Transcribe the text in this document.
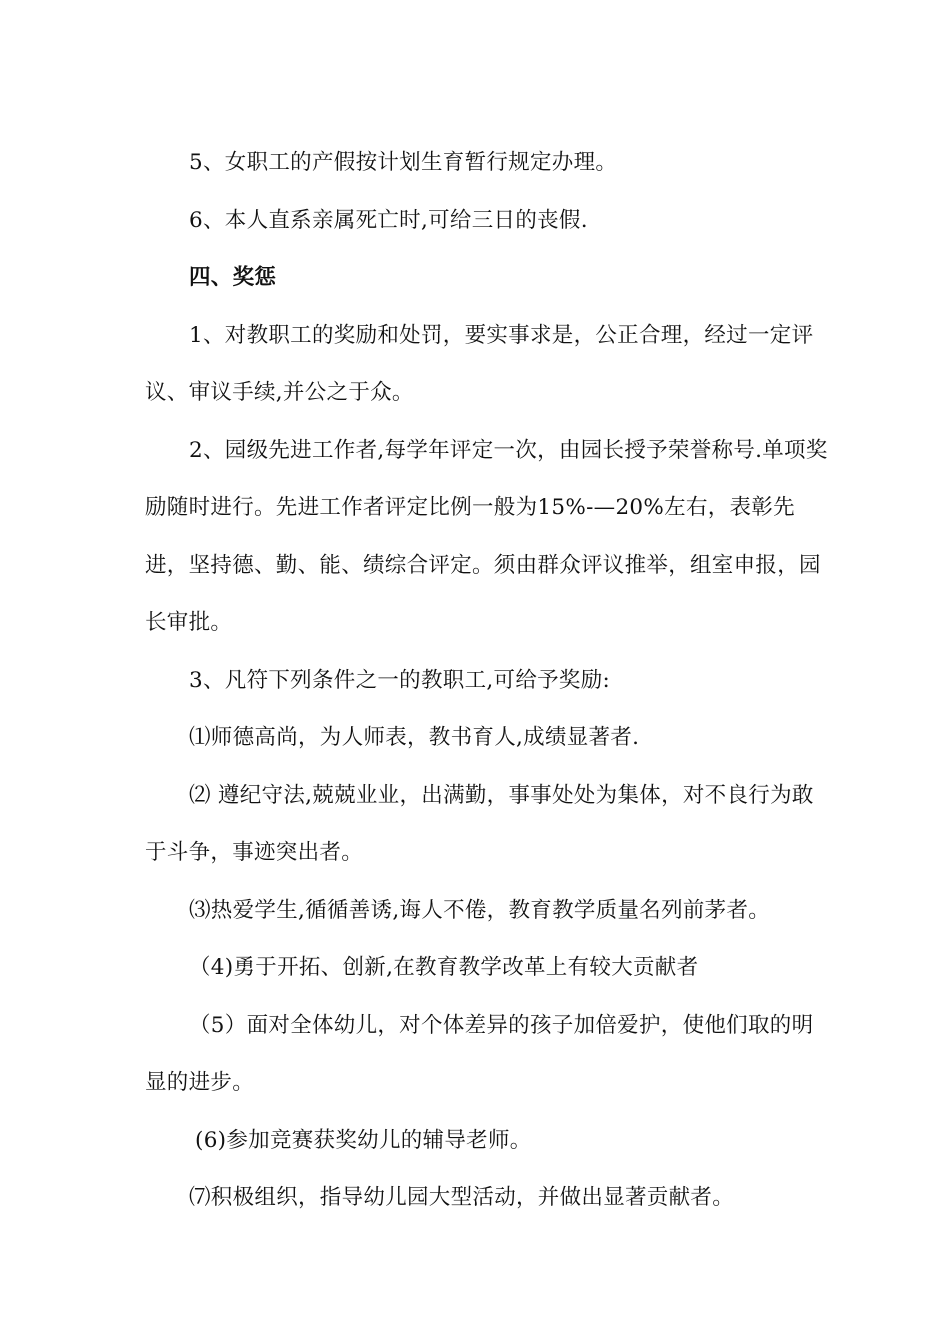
5、女职工的产假按计划生育暂行规定办理。

6、本人直系亲属死亡时,可给三日的丧假.

四、奖惩

1、对教职工的奖励和处罚，要实事求是，公正合理，经过一定评议、审议手续,并公之于众。

2、园级先进工作者,每学年评定一次，由园长授予荣誉称号.单项奖励随时进行。先进工作者评定比例一般为15%-—20%左右，表彰先进，坚持德、勤、能、绩综合评定。须由群众评议推举，组室申报，园长审批。

3、凡符下列条件之一的教职工,可给予奖励:

⑴师德高尚，为人师表，教书育人,成绩显著者.

⑵ 遵纪守法,兢兢业业，出满勤，事事处处为集体，对不良行为敢于斗争，事迹突出者。

⑶热爱学生,循循善诱,诲人不倦，教育教学质量名列前茅者。

（4)勇于开拓、创新,在教育教学改革上有较大贡献者

（5）面对全体幼儿，对个体差异的孩子加倍爱护，使他们取的明显的进步。

(6)参加竞赛获奖幼儿的辅导老师。

⑺积极组织，指导幼儿园大型活动，并做出显著贡献者。
